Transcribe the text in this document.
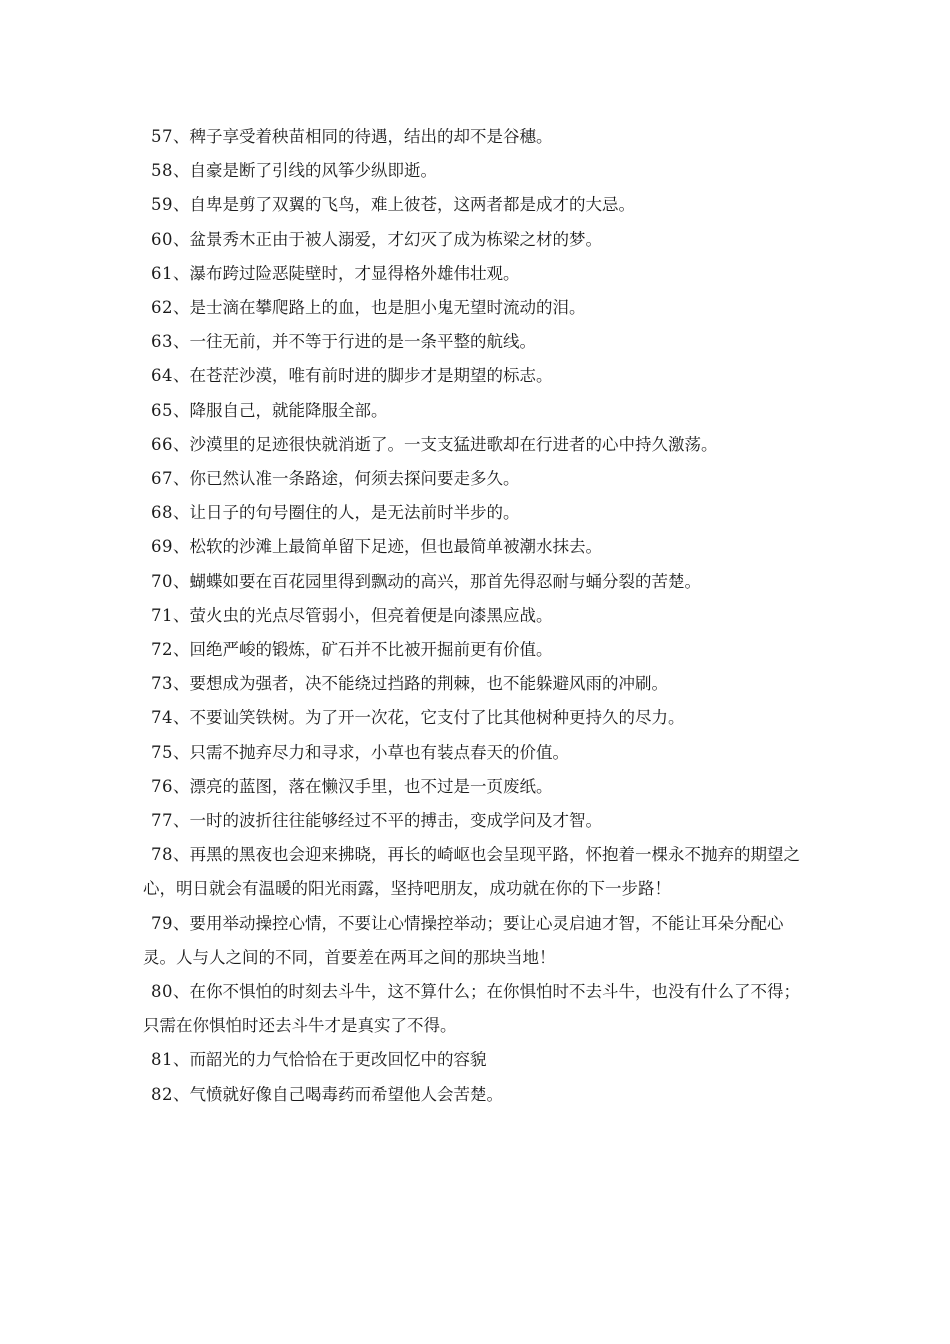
57、稗子享受着秧苗相同的待遇，结出的却不是谷穗。

58、自豪是断了引线的风筝少纵即逝。

59、自卑是剪了双翼的飞鸟，难上彼苍，这两者都是成才的大忌。

60、盆景秀木正由于被人溺爱，才幻灭了成为栋梁之材的梦。

61、瀑布跨过险恶陡壁时，才显得格外雄伟壮观。

62、是士滴在攀爬路上的血，也是胆小鬼无望时流动的泪。

63、一往无前，并不等于行进的是一条平整的航线。

64、在苍茫沙漠，唯有前时进的脚步才是期望的标志。

65、降服自己，就能降服全部。

66、沙漠里的足迹很快就消逝了。一支支猛进歌却在行进者的心中持久激荡。

67、你已然认准一条路途，何须去探问要走多久。

68、让日子的句号圈住的人，是无法前时半步的。

69、松软的沙滩上最简单留下足迹，但也最简单被潮水抹去。

70、蝴蝶如要在百花园里得到飘动的高兴，那首先得忍耐与蛹分裂的苦楚。

71、萤火虫的光点尽管弱小，但亮着便是向漆黑应战。

72、回绝严峻的锻炼，矿石并不比被开掘前更有价值。

73、要想成为强者，决不能绕过挡路的荆棘，也不能躲避风雨的冲刷。

74、不要讪笑铁树。为了开一次花，它支付了比其他树种更持久的尽力。

75、只需不抛弃尽力和寻求，小草也有装点春天的价值。

76、漂亮的蓝图，落在懒汉手里，也不过是一页废纸。

77、一时的波折往往能够经过不平的搏击，变成学问及才智。

78、再黑的黑夜也会迎来拂晓，再长的崎岖也会呈现平路，怀抱着一棵永不抛弃的期望之心，明日就会有温暖的阳光雨露，坚持吧朋友，成功就在你的下一步路！

79、要用举动操控心情，不要让心情操控举动；要让心灵启迪才智，不能让耳朵分配心灵。人与人之间的不同，首要差在两耳之间的那块当地！

80、在你不惧怕的时刻去斗牛，这不算什么；在你惧怕时不去斗牛，也没有什么了不得；只需在你惧怕时还去斗牛才是真实了不得。

81、而韶光的力气恰恰在于更改回忆中的容貌

82、气愤就好像自己喝毒药而希望他人会苦楚。
